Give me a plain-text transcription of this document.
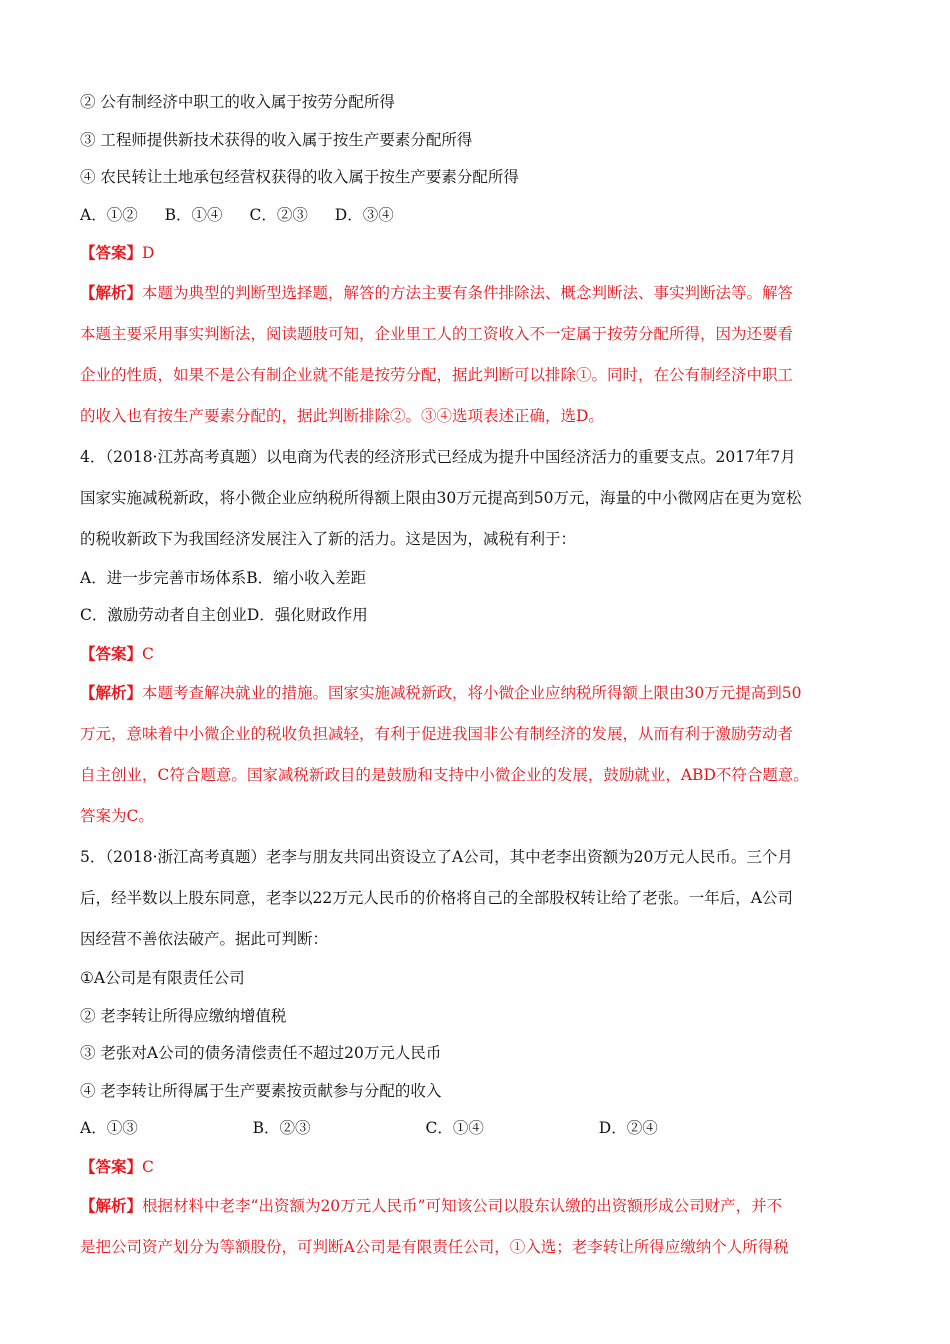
② 公有制经济中职工的收入属于按劳分配所得
③ 工程师提供新技术获得的收入属于按生产要素分配所得
④ 农民转让土地承包经营权获得的收入属于按生产要素分配所得
A．①② B．①④ C．②③ D．③④
【答案】D
【解析】本题为典型的判断型选择题，解答的方法主要有条件排除法、概念判断法、事实判断法等。解答
本题主要采用事实判断法，阅读题肢可知，企业里工人的工资收入不一定属于按劳分配所得，因为还要看
企业的性质，如果不是公有制企业就不能是按劳分配，据此判断可以排除①。同时，在公有制经济中职工
的收入也有按生产要素分配的，据此判断排除②。③④选项表述正确，选D。
4．（2018·江苏高考真题）以电商为代表的经济形式已经成为提升中国经济活力的重要支点。2017年7月
国家实施减税新政，将小微企业应纳税所得额上限由30万元提高到50万元，海量的中小微网店在更为宽松
的税收新政下为我国经济发展注入了新的活力。这是因为，减税有利于：
A．进一步完善市场体系B．缩小收入差距
C．激励劳动者自主创业D．强化财政作用
【答案】C
【解析】本题考查解决就业的措施。国家实施减税新政，将小微企业应纳税所得额上限由30万元提高到50
万元，意味着中小微企业的税收负担减轻，有利于促进我国非公有制经济的发展，从而有利于激励劳动者
自主创业，C符合题意。国家减税新政目的是鼓励和支持中小微企业的发展，鼓励就业，ABD不符合题意。
答案为C。
5．（2018·浙江高考真题）老李与朋友共同出资设立了A公司，其中老李出资额为20万元人民币。三个月
后，经半数以上股东同意，老李以22万元人民币的价格将自己的全部股权转让给了老张。一年后，A公司
因经营不善依法破产。据此可判断：
①A公司是有限责任公司
② 老李转让所得应缴纳增值税
③ 老张对A公司的债务清偿责任不超过20万元人民币
④ 老李转让所得属于生产要素按贡献参与分配的收入
A．①③	B．②③	C．①④	D．②④
【答案】C
【解析】根据材料中老李“出资额为20万元人民币”可知该公司以股东认缴的出资额形成公司财产，并不
是把公司资产划分为等额股份，可判断A公司是有限责任公司，①入选；老李转让所得应缴纳个人所得税
